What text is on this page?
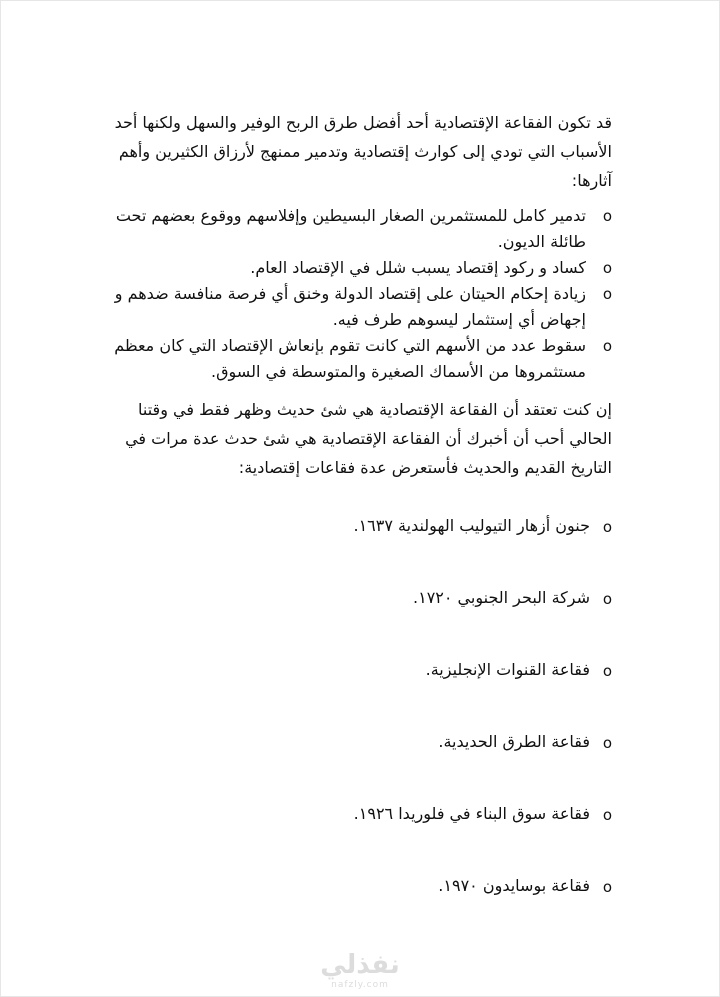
قد تكون الفقاعة الإقتصادية أحد أفضل طرق الربح الوفير والسهل ولكنها أحد الأسباب التي تودي إلى كوارث إقتصادية وتدمير ممنهج لأرزاق الكثيرين وأهم آثارها:

o
تدمير كامل للمستثمرين الصغار البسيطين وإفلاسهم ووقوع بعضهم تحت طائلة الديون.
o
كساد و ركود إقتصاد يسبب شلل في الإقتصاد العام.
o
زيادة إحكام الحيتان على إقتصاد الدولة وخنق أي فرصة منافسة ضدهم و إجهاض أي إستثمار ليسوهم طرف فيه.
o
سقوط عدد من الأسهم التي كانت تقوم بإنعاش الإقتصاد التي كان معظم مستثمروها من الأسماك الصغيرة والمتوسطة في السوق.

إن كنت تعتقد أن الفقاعة الإقتصادية هي شئ حديث وظهر فقط في وقتنا الحالي أحب أن أخبرك أن الفقاعة الإقتصادية هي شئ حدث عدة مرات في التاريخ القديم والحديث فأستعرض عدة فقاعات إقتصادية:

o
جنون أزهار التيوليب الهولندية ١٦٣٧.
o
شركة البحر الجنوبي ١٧٢٠.
o
فقاعة القنوات الإنجليزية.
o
فقاعة الطرق الحديدية.
o
فقاعة سوق البناء في فلوريدا ١٩٢٦.
o
فقاعة بوسايدون ١٩٧٠.
نفذلي
nafzly.com
